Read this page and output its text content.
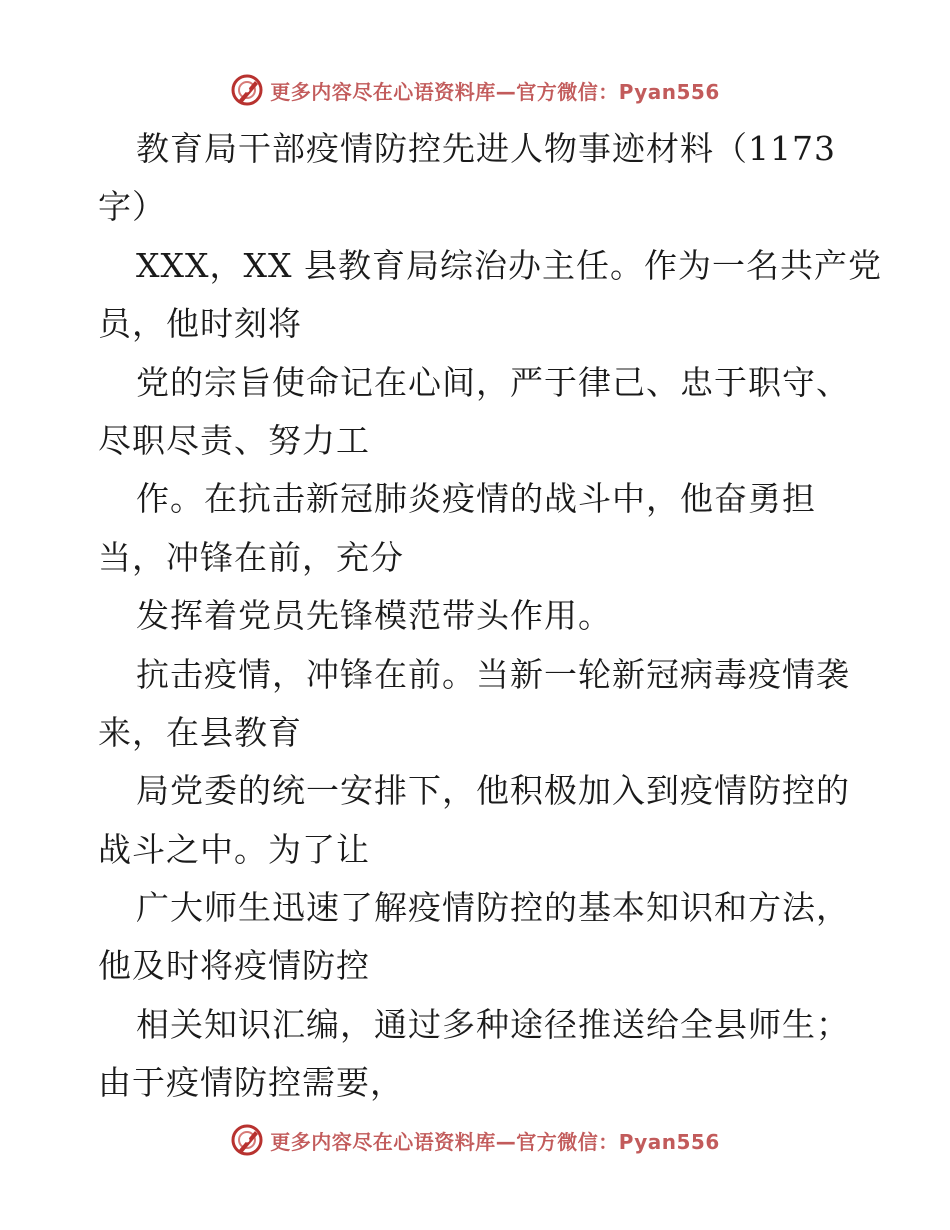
更多内容尽在心语资料库—官方微信：Pyan556
教育局干部疫情防控先进人物事迹材料（1173
字）
XXX，XX 县教育局综治办主任。作为一名共产党
员，他时刻将
党的宗旨使命记在心间，严于律己、忠于职守、
尽职尽责、努力工
作。在抗击新冠肺炎疫情的战斗中，他奋勇担
当，冲锋在前，充分
发挥着党员先锋模范带头作用。
抗击疫情，冲锋在前。当新一轮新冠病毒疫情袭
来，在县教育
局党委的统一安排下，他积极加入到疫情防控的
战斗之中。为了让
广大师生迅速了解疫情防控的基本知识和方法，
他及时将疫情防控
相关知识汇编，通过多种途径推送给全县师生；
由于疫情防控需要，
更多内容尽在心语资料库—官方微信：Pyan556
